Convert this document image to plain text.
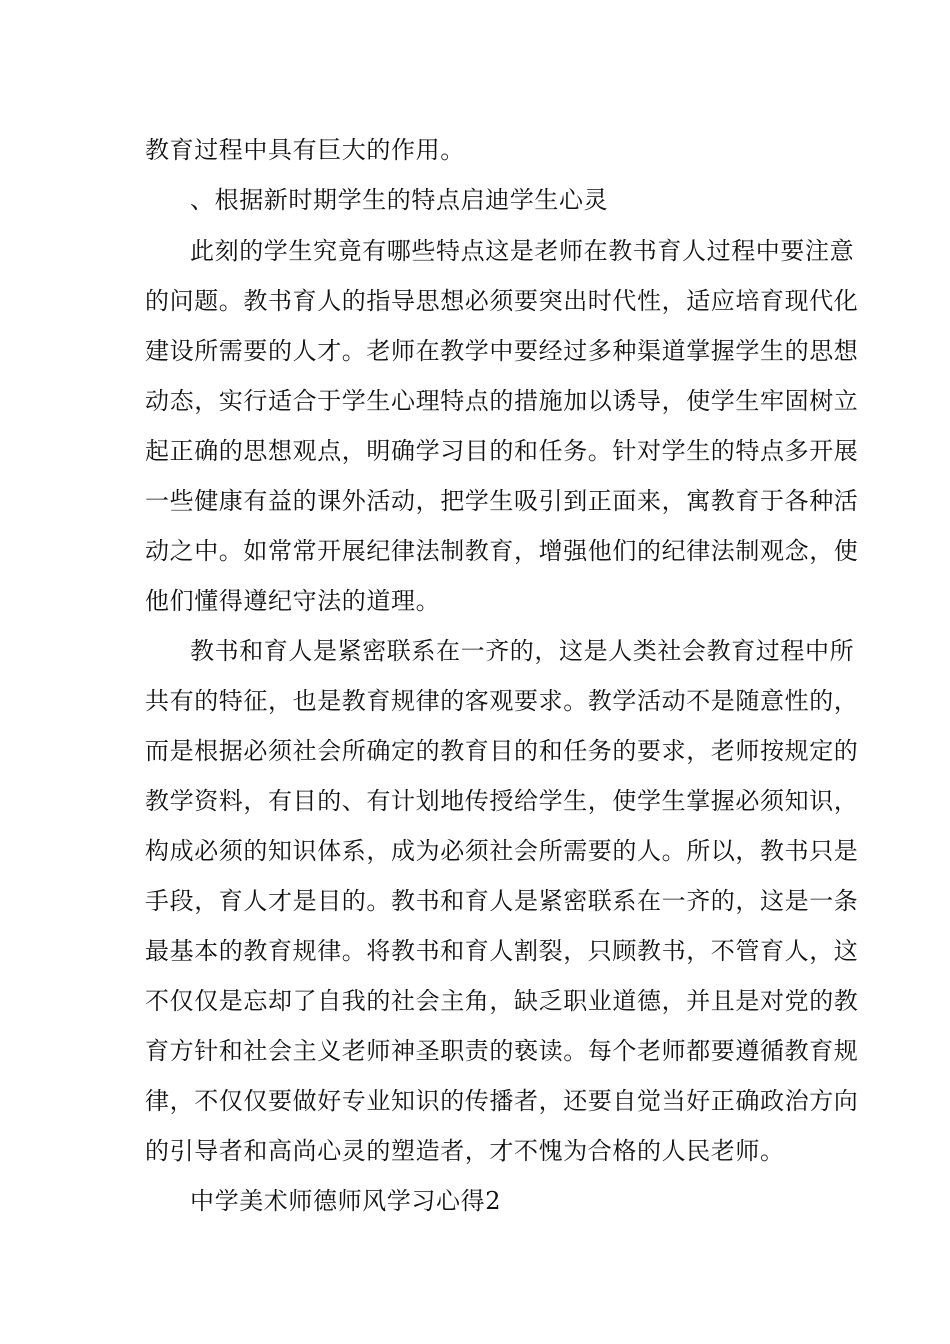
教育过程中具有巨大的作用。
、根据新时期学生的特点启迪学生心灵
此刻的学生究竟有哪些特点这是老师在教书育人过程中要注意
的问题。教书育人的指导思想必须要突出时代性，适应培育现代化
建设所需要的人才。老师在教学中要经过多种渠道掌握学生的思想
动态，实行适合于学生心理特点的措施加以诱导，使学生牢固树立
起正确的思想观点，明确学习目的和任务。针对学生的特点多开展
一些健康有益的课外活动，把学生吸引到正面来，寓教育于各种活
动之中。如常常开展纪律法制教育，增强他们的纪律法制观念，使
他们懂得遵纪守法的道理。
教书和育人是紧密联系在一齐的，这是人类社会教育过程中所
共有的特征，也是教育规律的客观要求。教学活动不是随意性的，
而是根据必须社会所确定的教育目的和任务的要求，老师按规定的
教学资料，有目的、有计划地传授给学生，使学生掌握必须知识，
构成必须的知识体系，成为必须社会所需要的人。所以，教书只是
手段，育人才是目的。教书和育人是紧密联系在一齐的，这是一条
最基本的教育规律。将教书和育人割裂，只顾教书，不管育人，这
不仅仅是忘却了自我的社会主角，缺乏职业道德，并且是对党的教
育方针和社会主义老师神圣职责的亵读。每个老师都要遵循教育规
律，不仅仅要做好专业知识的传播者，还要自觉当好正确政治方向
的引导者和高尚心灵的塑造者，才不愧为合格的人民老师。
中学美术师德师风学习心得2
